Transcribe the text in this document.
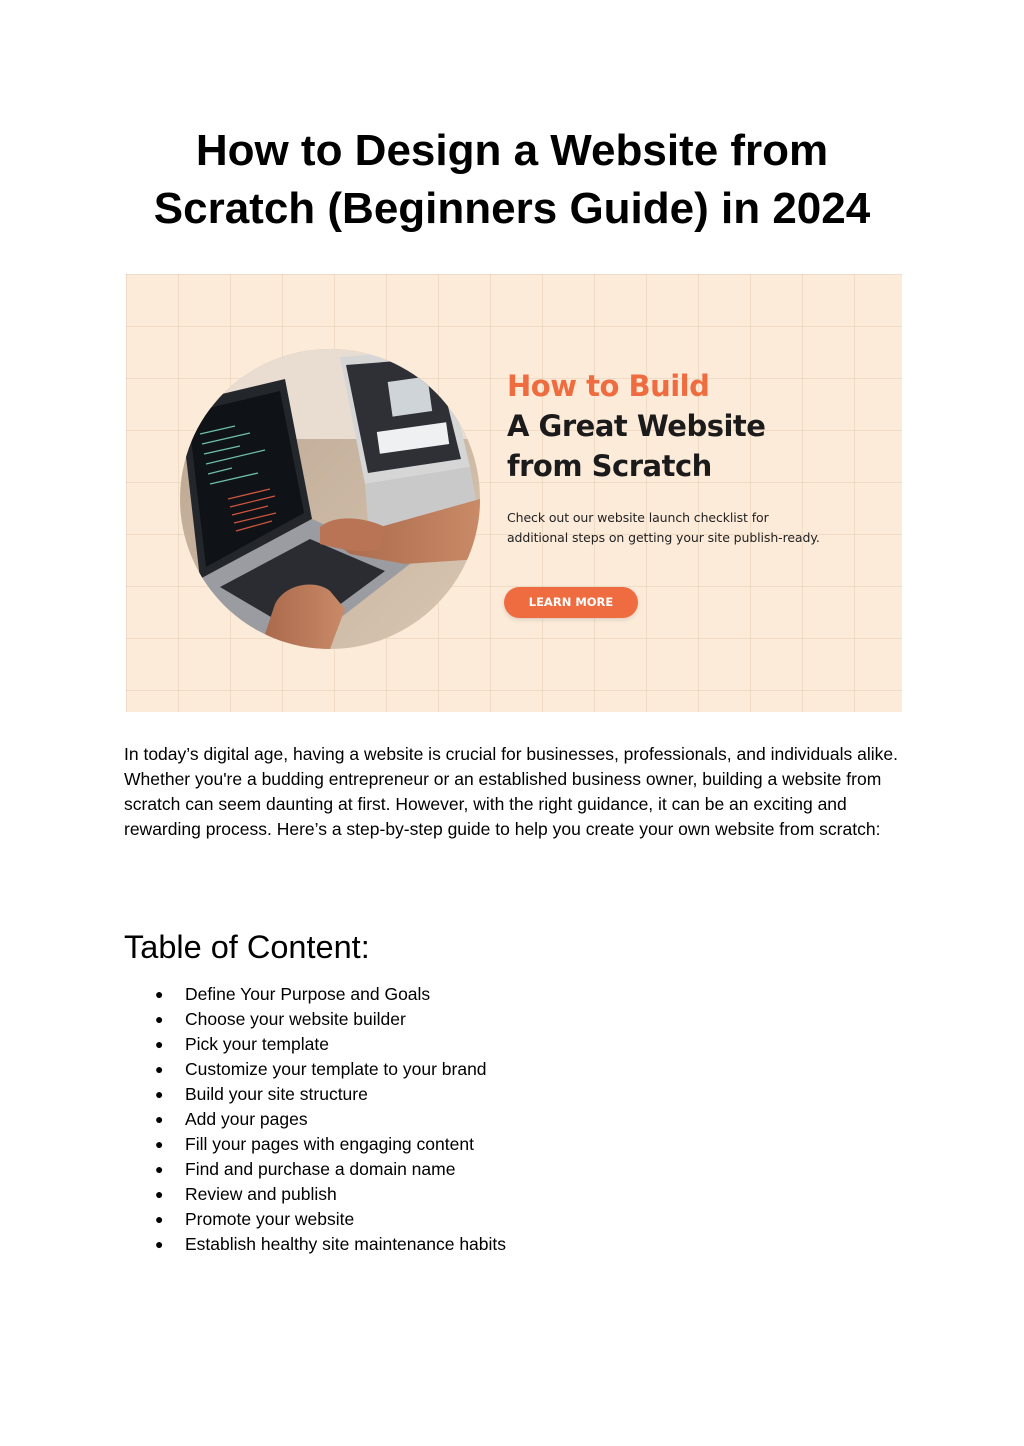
How to Design a Website from
Scratch (Beginners Guide) in 2024
How to Build
A Great Website
from Scratch
Check out our website launch checklist for
additional steps on getting your site publish-ready.
LEARN MORE

In today’s digital age, having a website is crucial for businesses, professionals, and individuals alike. Whether you're a budding entrepreneur or an established business owner, building a website from scratch can seem daunting at first. However, with the right guidance, it can be an exciting and rewarding process. Here’s a step-by-step guide to help you create your own website from scratch:

Table of Content:
● Define Your Purpose and Goals
● Choose your website builder
● Pick your template
● Customize your template to your brand
● Build your site structure
● Add your pages
● Fill your pages with engaging content
● Find and purchase a domain name
● Review and publish
● Promote your website
● Establish healthy site maintenance habits
